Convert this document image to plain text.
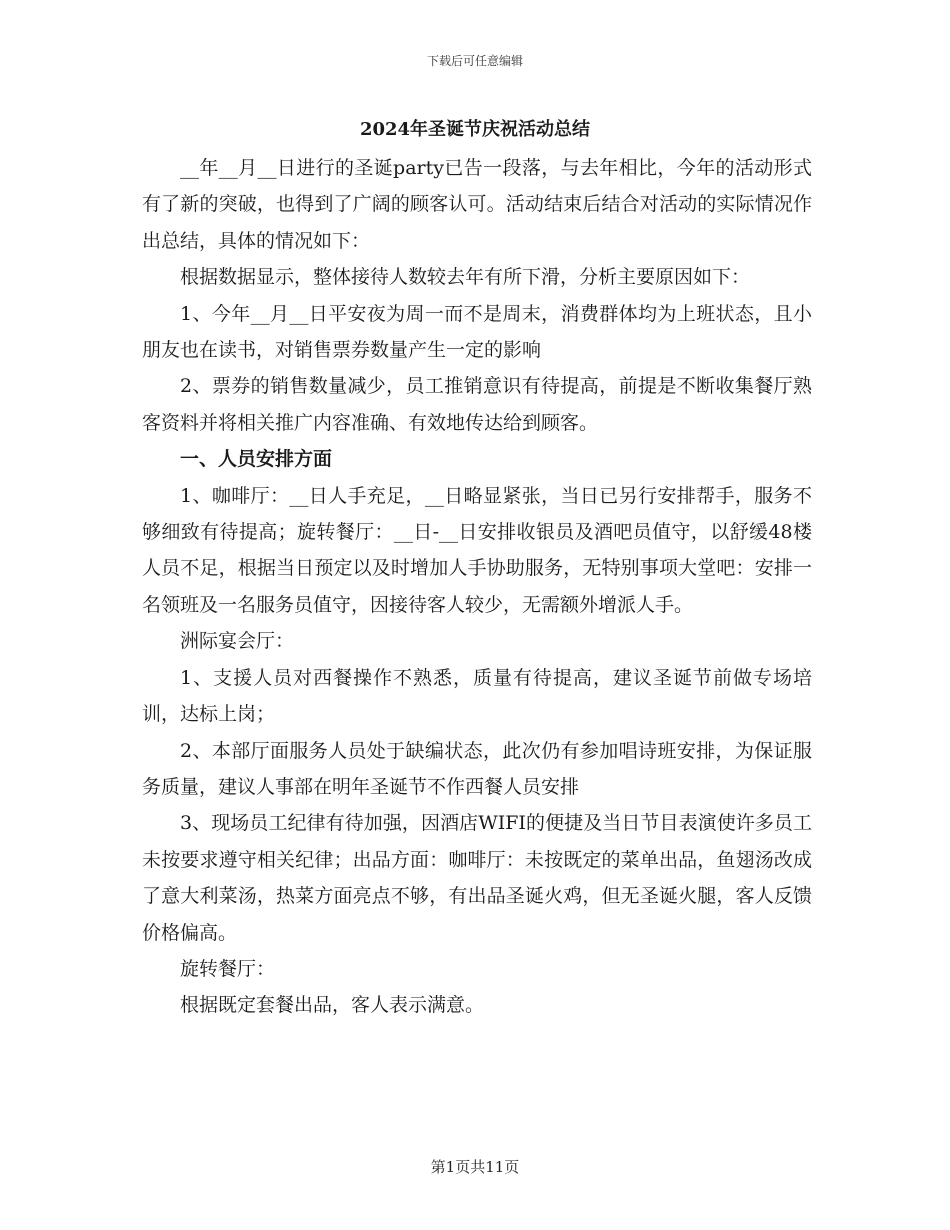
下载后可任意编辑
2024年圣诞节庆祝活动总结

__年__月__日进行的圣诞party已告一段落，与去年相比，今年的活动形式有了新的突破，也得到了广阔的顾客认可。活动结束后结合对活动的实际情况作出总结，具体的情况如下：

根据数据显示，整体接待人数较去年有所下滑，分析主要原因如下：

1、今年__月__日平安夜为周一而不是周末，消费群体均为上班状态，且小朋友也在读书，对销售票券数量产生一定的影响

2、票券的销售数量减少，员工推销意识有待提高，前提是不断收集餐厅熟客资料并将相关推广内容准确、有效地传达给到顾客。

一、人员安排方面

1、咖啡厅：__日人手充足，__日略显紧张，当日已另行安排帮手，服务不够细致有待提高；旋转餐厅：__日-__日安排收银员及酒吧员值守，以舒缓48楼人员不足，根据当日预定以及时增加人手协助服务，无特别事项大堂吧：安排一名领班及一名服务员值守，因接待客人较少，无需额外增派人手。

洲际宴会厅：

1、支援人员对西餐操作不熟悉，质量有待提高，建议圣诞节前做专场培训，达标上岗；

2、本部厅面服务人员处于缺编状态，此次仍有参加唱诗班安排，为保证服务质量，建议人事部在明年圣诞节不作西餐人员安排

3、现场员工纪律有待加强，因酒店WIFI的便捷及当日节目表演使许多员工未按要求遵守相关纪律；出品方面：咖啡厅：未按既定的菜单出品，鱼翅汤改成了意大利菜汤，热菜方面亮点不够，有出品圣诞火鸡，但无圣诞火腿，客人反馈价格偏高。

旋转餐厅：

根据既定套餐出品，客人表示满意。

第1页共11页
